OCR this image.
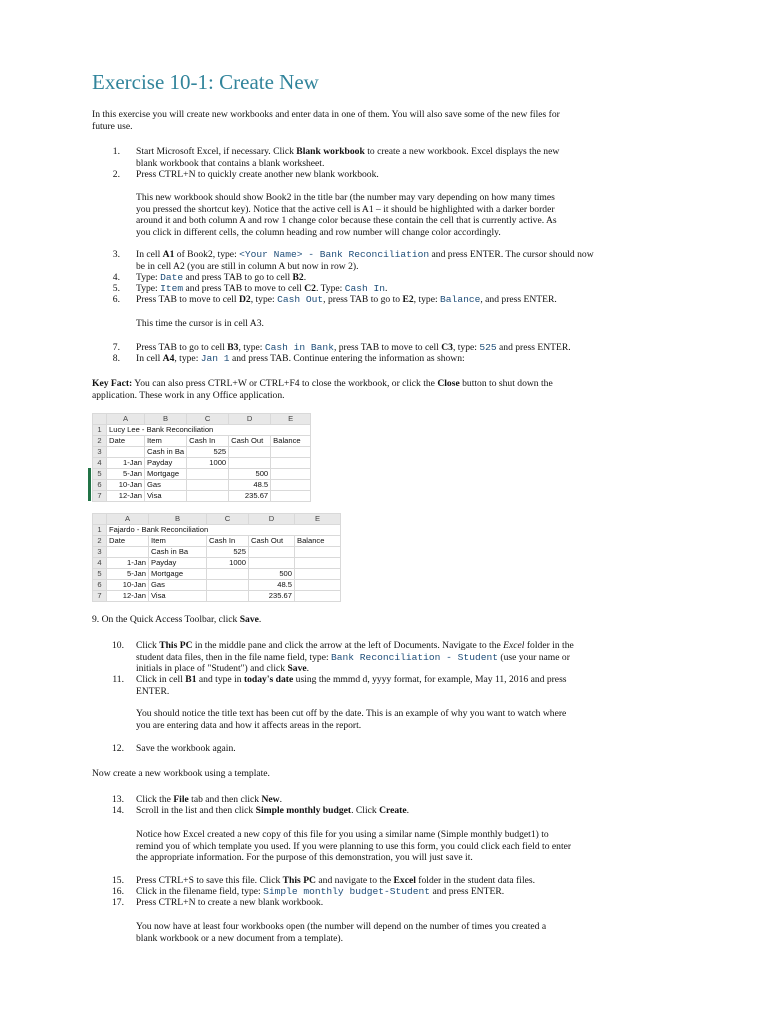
Exercise 10-1: Create New
In this exercise you will create new workbooks and enter data in one of them. You will also save some of the new files for
future use.
1. Start Microsoft Excel, if necessary. Click Blank workbook to create a new workbook. Excel displays the new
blank workbook that contains a blank worksheet.
2. Press CTRL+N to quickly create another new blank workbook.
This new workbook should show Book2 in the title bar (the number may vary depending on how many times
you pressed the shortcut key). Notice that the active cell is A1 – it should be highlighted with a darker border
around it and both column A and row 1 change color because these contain the cell that is currently active. As
you click in different cells, the column heading and row number will change color accordingly.
3. In cell A1 of Book2, type: <Your Name> - Bank Reconciliation and press ENTER. The cursor should now
be in cell A2 (you are still in column A but now in row 2).
4. Type: Date and press TAB to go to cell B2.
5. Type: Item and press TAB to move to cell C2. Type: Cash In.
6. Press TAB to move to cell D2, type: Cash Out, press TAB to go to E2, type: Balance, and press ENTER.
This time the cursor is in cell A3.
7. Press TAB to go to cell B3, type: Cash in Bank, press TAB to move to cell C3, type: 525 and press ENTER.
8. In cell A4, type: Jan 1 and press TAB. Continue entering the information as shown:
Key Fact: You can also press CTRL+W or CTRL+F4 to close the workbook, or click the Close button to shut down the
application. These work in any Office application.
	A	B	C	D	E
1	Lucy Lee - Bank Reconciliation				
2	Date	Item	Cash In	Cash Out	Balance
3		Cash in Ba	525		
4	1-Jan	Payday	1000		
5	5-Jan	Mortgage		500	
6	10-Jan	Gas		48.5	
7	12-Jan	Visa		235.67	
	A	B	C	D	E
1	Fajardo - Bank Reconciliation				
2	Date	Item	Cash In	Cash Out	Balance
3		Cash in Ba	525		
4	1-Jan	Payday	1000		
5	5-Jan	Mortgage		500	
6	10-Jan	Gas		48.5	
7	12-Jan	Visa		235.67	
9. On the Quick Access Toolbar, click Save.
10. Click This PC in the middle pane and click the arrow at the left of Documents. Navigate to the Excel folder in the
student data files, then in the file name field, type: Bank Reconciliation - Student (use your name or
initials in place of "Student") and click Save.
11. Click in cell B1 and type in today's date using the mmmd d, yyyy format, for example, May 11, 2016 and press
ENTER.
You should notice the title text has been cut off by the date. This is an example of why you want to watch where
you are entering data and how it affects areas in the report.
12. Save the workbook again.
Now create a new workbook using a template.
13. Click the File tab and then click New.
14. Scroll in the list and then click Simple monthly budget. Click Create.
Notice how Excel created a new copy of this file for you using a similar name (Simple monthly budget1) to
remind you of which template you used. If you were planning to use this form, you could click each field to enter
the appropriate information. For the purpose of this demonstration, you will just save it.
15. Press CTRL+S to save this file. Click This PC and navigate to the Excel folder in the student data files.
16. Click in the filename field, type: Simple monthly budget-Student and press ENTER.
17. Press CTRL+N to create a new blank workbook.
You now have at least four workbooks open (the number will depend on the number of times you created a
blank workbook or a new document from a template).
